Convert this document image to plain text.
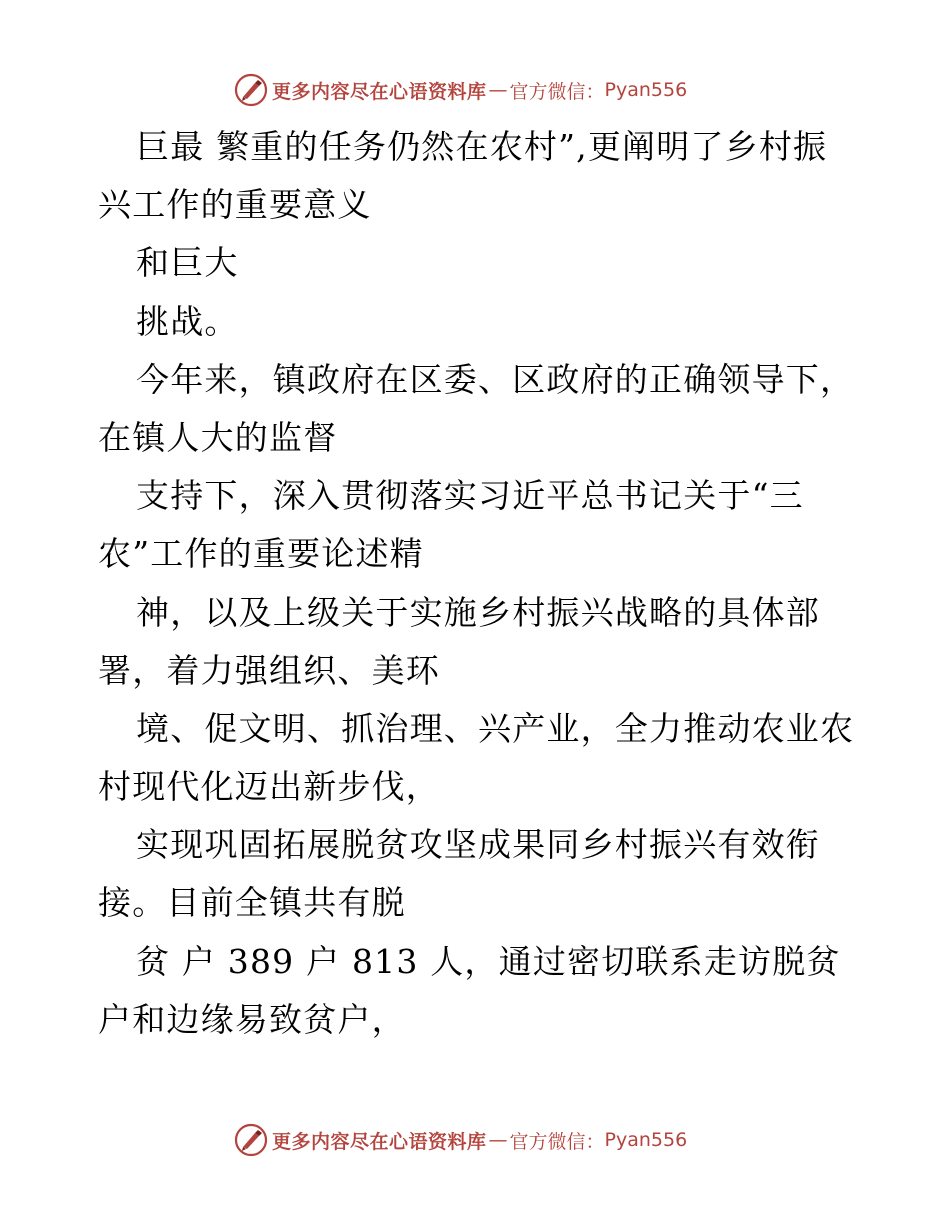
更多内容尽在心语资料库 — 官方微信： Pyan556
巨最 繁重的任务仍然在农村”,更阐明了乡村振
兴工作的重要意义
和巨大
挑战。
今年来，镇政府在区委、区政府的正确领导下，
在镇人大的监督
支持下，深入贯彻落实习近平总书记关于“三
农”工作的重要论述精
神，以及上级关于实施乡村振兴战略的具体部
署，着力强组织、美环
境、促文明、抓治理、兴产业，全力推动农业农
村现代化迈出新步伐，
实现巩固拓展脱贫攻坚成果同乡村振兴有效衔
接。目前全镇共有脱
贫 户 389 户 813 人，通过密切联系走访脱贫
户和边缘易致贫户，
更多内容尽在心语资料库 — 官方微信： Pyan556
